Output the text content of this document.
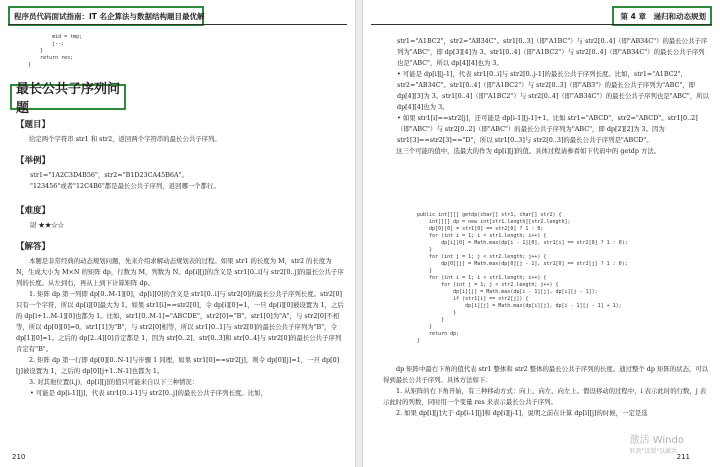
程序员代码面试指南：IT 名企算法与数据结构题目最优解
mid = tmp;
j--;
}
return res;
}
最长公共子序列问题
【题目】

给定两个字符串 str1 和 str2，返回两个字符串的最长公共子序列。

【举例】

str1="1A2C3D4B56"，str2="B1D23CA45B6A"。

"123456"或者"12C4B6"都是最长公共子序列，返回哪一个都行。

【难度】

尉 ★★☆☆

【解答】

本题是非常经典的动态规划问题，先来介绍求解动态规划表的过程。如果 str1 的长度为 M，str2 的长度为 N，生成大小为 M×N 的矩阵 dp，行数为 M，列数为 N。dp[i][j]的含义是 str1[0..i]与 str2[0..j]的最长公共子序列的长度。从左到右，再从上到下计算矩阵 dp。

1. 矩阵 dp 第一列即 dp[0..M-1][0]，dp[i][0]的含义是 str1[0..i]与 str2[0]的最长公共子序列长度。str2[0]只有一个字符，所以 dp[i][0]最大为 1。如果 str1[i]==str2[0]，令 dp[i][0]=1，一旦 dp[i][0]被设置为 1，之后的 dp[i+1..M-1][0]也都为 1。比如，str1[0..M-1]="ABCDE"，str2[0]="B"。str1[0]为"A"，与 str2[0]不相等，所以 dp[0][0]=0。str1[1]为"B"，与 str2[0]相等，所以 str1[0..1]与 str2[0]的最长公共子序列为"B"，令 dp[1][0]=1。之后的 dp[2..4][0]肯定都是 1，因为 str[0..2]、str[0..3]和 str[0..4]与 str2[0]的最长公共子序列肯定有"B"。

2. 矩阵 dp 第一行即 dp[0][0..N-1]与步骤 1 同理，如果 str1[0]==str2[j]，则令 dp[0][j]=1，一旦 dp[0][j]被设置为 1，之后的 dp[0][j+1..N-1]也都为 1。

3. 对其他位置(i,j)，dp[i][j]的值只可能来自以下三种情况：

• 可能是 dp[i-1][j]，代表 str1[0..i-1]与 str2[0..j]的最长公共子序列长度。比如，

210
第 4 章　递归和动态规划

str1="A1BC2"，str2="AB34C"。str1[0..3]（即"A1BC"）与 str2[0..4]（即"AB34C"）的最长公共子序列为"ABC"，即 dp[3][4]为 3。str1[0..4]（即"A1BC2"）与 str2[0..4]（即"AB34C"）的最长公共子序列也是"ABC"，所以 dp[4][4]也为 3。

• 可能是 dp[i][j-1]，代表 str1[0..i]与 str2[0..j-1]的最长公共子序列长度。比如，str1="A1BC2"，str2="AB34C"。str1[0..4]（即"A1BC2"）与 str2[0..3]（即"AB3"）的最长公共子序列为"ABC"，即 dp[4][3]为 3。str1[0..4]（即"A1BC2"）与 str2[0..4]（即"AB34C"）的最长公共子序列也是"ABC"，所以 dp[4][4]也为 3。

• 如果 str1[i]==str2[j]，还可能是 dp[i-1][j-1]+1。比如 str1="ABCD"，str2="ABCD"。str1[0..2]（即"ABC"）与 str2[0..2]（即"ABC"）的最长公共子序列为"ABC"，即 dp[2][2]为 3。因为 str1[3]==str2[3]=="D"，所以 str1[0..3]与 str2[0..3]的最长公共子序列是"ABCD"。

这三个可能的值中，选最大的作为 dp[i][j]的值。具体过程请参看如下代码中的 getdp 方法。

public int[][] getdp(char[] str1, char[] str2) {
int[][] dp = new int[str1.length][str2.length];
dp[0][0] = str1[0] == str2[0] ? 1 : 0;
for (int i = 1; i < str1.length; i++) {
dp[i][0] = Math.max(dp[i - 1][0], str1[i] == str2[0] ? 1 : 0);
}
for (int j = 1; j < str2.length; j++) {
dp[0][j] = Math.max(dp[0][j - 1], str1[0] == str2[j] ? 1 : 0);
}
for (int i = 1; i < str1.length; i++) {
for (int j = 1; j < str2.length; j++) {
dp[i][j] = Math.max(dp[i - 1][j], dp[i][j - 1]);
if (str1[i] == str2[j]) {
dp[i][j] = Math.max(dp[i][j], dp[i - 1][j - 1] + 1);
}
}
}
return dp;
}

dp 矩阵中最右下角的值代表 str1 整体和 str2 整体的最长公共子序列的长度。通过整个 dp 矩阵的状态，可以得到最长公共子序列。具体方法如下：

1. 从矩阵的右下角开始，有三种移动方式：向上、向左、向左上。假设移动的过程中，i 表示此时的行数，j 表示此时的列数，同时用一个变量 res 来表示最长公共子序列。

2. 如果 dp[i][j]大于 dp[i-1][j]和 dp[i][j-1]，说明之前在计算 dp[i][j]的时候，一定是选

激活 Windo
转到"设置"以激活
211
